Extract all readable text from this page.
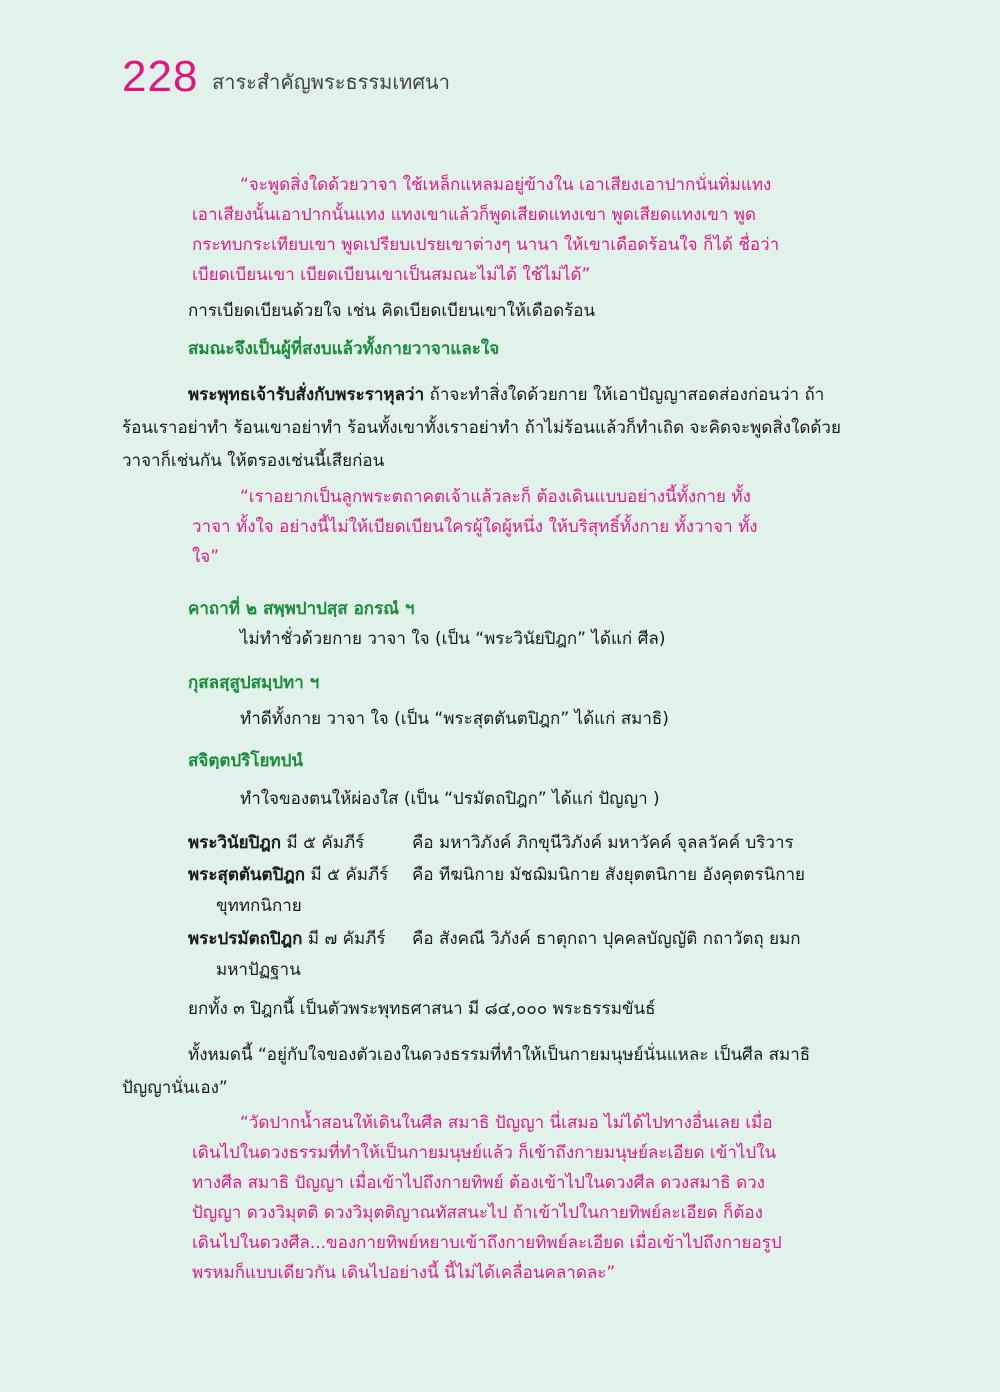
228 สาระสำคัญพระธรรมเทศนา
“จะพูดสิ่งใดด้วยวาจา ใช้เหล็กแหลมอยู่ข้างใน เอาเสียงเอาปากนั่นทิ่มแทง เอาเสียงนั้นเอาปากนั้นแทง แทงเขาแล้วก็พูดเสียดแทงเขา พูดเสียดแทงเขา พูดกระทบกระเทียบเขา พูดเปรียบเปรยเขาต่างๆ นานา ให้เขาเดือดร้อนใจ ก็ได้ ชื่อว่าเบียดเบียนเขา เบียดเบียนเขาเป็นสมณะไม่ได้ ใช้ไม่ได้”
การเบียดเบียนด้วยใจ เช่น คิดเบียดเบียนเขาให้เดือดร้อน
สมณะจึงเป็นผู้ที่สงบแล้วทั้งกายวาจาและใจ
พระพุทธเจ้ารับสั่งกับพระราหุลว่า ถ้าจะทำสิ่งใดด้วยกาย ให้เอาปัญญาสอดส่องก่อนว่า ถ้าร้อนเราอย่าทำ ร้อนเขาอย่าทำ ร้อนทั้งเขาทั้งเราอย่าทำ ถ้าไม่ร้อนแล้วก็ทำเถิด จะคิดจะพูดสิ่งใดด้วยวาจาก็เช่นกัน ให้ตรองเช่นนี้เสียก่อน
“เราอยากเป็นลูกพระตถาคตเจ้าแล้วละก็ ต้องเดินแบบอย่างนี้ทั้งกาย ทั้งวาจา ทั้งใจ อย่างนี้ไม่ให้เบียดเบียนใครผู้ใดผู้หนึ่ง ให้บริสุทธิ์ทั้งกาย ทั้งวาจา ทั้งใจ”
คาถาที่ ๒ สพฺพปาปสฺส อกรณํ ฯ
ไม่ทำชั่วด้วยกาย วาจา ใจ (เป็น “พระวินัยปิฎก” ได้แก่ ศีล)
กุสลสฺสูปสมฺปทา ฯ
ทำดีทั้งกาย วาจา ใจ (เป็น “พระสุตตันตปิฎก” ได้แก่ สมาธิ)
สจิตฺตปริโยทปนํ
ทำใจของตนให้ผ่องใส (เป็น “ปรมัตถปิฎก” ได้แก่ ปัญญา )
พระวินัยปิฎก มี ๕ คัมภีร์	คือ มหาวิภังค์ ภิกขุนีวิภังค์ มหาวัคค์ จุลลวัคค์ บริวาร
พระสุตตันตปิฎก มี ๕ คัมภีร์ คือ ทีฆนิกาย มัชฌิมนิกาย สังยุตตนิกาย อังคุตตรนิกาย
ขุททกนิกาย
พระปรมัตถปิฎก มี ๗ คัมภีร์ คือ สังคณี วิภังค์ ธาตุกถา ปุคคลบัญญัติ กถาวัตถุ ยมก
มหาปัฏฐาน
ยกทั้ง ๓ ปิฎกนี้ เป็นตัวพระพุทธศาสนา มี ๘๔,๐๐๐ พระธรรมขันธ์
ทั้งหมดนี้ “อยู่กับใจของตัวเองในดวงธรรมที่ทำให้เป็นกายมนุษย์นั่นแหละ เป็นศีล สมาธิปัญญานั่นเอง”
“วัดปากน้ำสอนให้เดินในศีล สมาธิ ปัญญา นี่เสมอ ไม่ได้ไปทางอื่นเลย เมื่อเดินไปในดวงธรรมที่ทำให้เป็นกายมนุษย์แล้ว ก็เข้าถึงกายมนุษย์ละเอียด เข้าไปในทางศีล สมาธิ ปัญญา เมื่อเข้าไปถึงกายทิพย์ ต้องเข้าไปในดวงศีล ดวงสมาธิ ดวงปัญญา ดวงวิมุตติ ดวงวิมุตติญาณทัสสนะไป ถ้าเข้าไปในกายทิพย์ละเอียด ก็ต้องเดินไปในดวงศีล...ของกายทิพย์หยาบเข้าถึงกายทิพย์ละเอียด เมื่อเข้าไปถึงกายอรูปพรหมก็แบบเดียวกัน เดินไปอย่างนี้ นี้ไม่ได้เคลื่อนคลาดละ”
